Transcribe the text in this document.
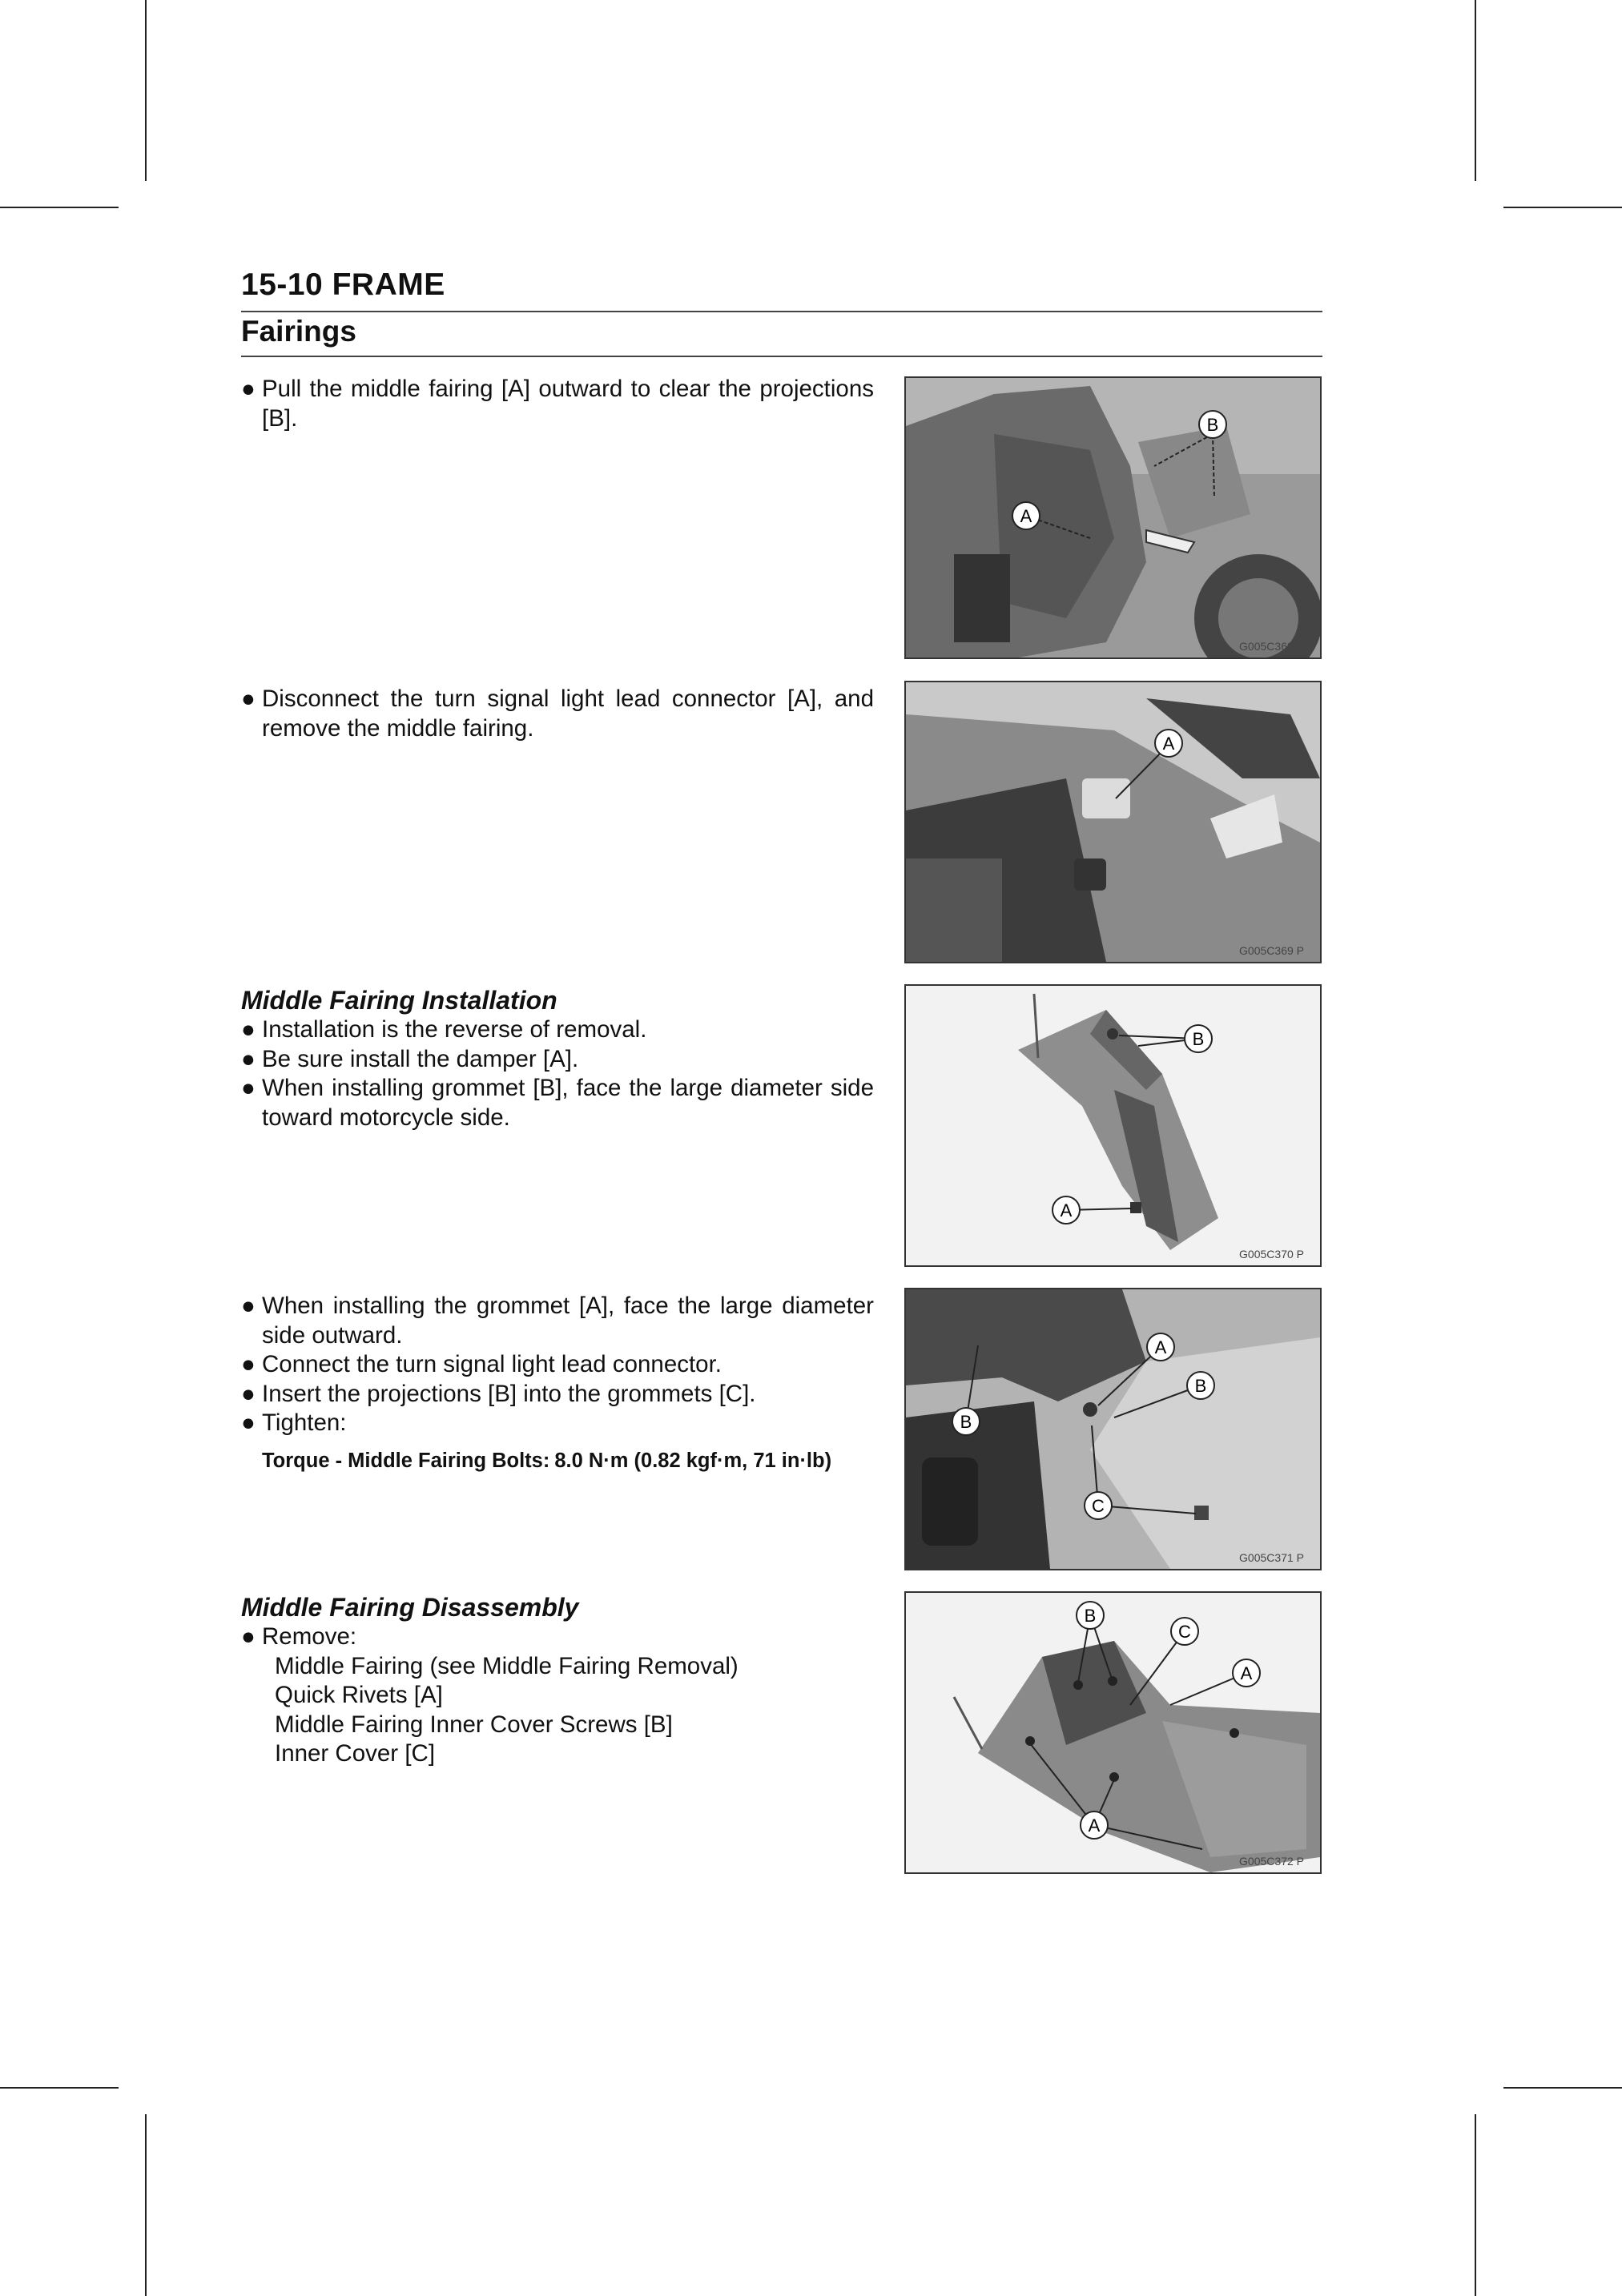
15-10 FRAME
Fairings
● Pull the middle fairing [A] outward to clear the projections [B].
A
B
G005C368 P
● Disconnect the turn signal light lead connector [A], and remove the middle fairing.
A
G005C369 P
Middle Fairing Installation
● Installation is the reverse of removal.
● Be sure install the damper [A].
● When installing grommet [B], face the large diameter side toward motorcycle side.
A
B
G005C370 P
● When installing the grommet [A], face the large diameter side outward.
● Connect the turn signal light lead connector.
● Insert the projections [B] into the grommets [C].
● Tighten:
Torque - Middle Fairing Bolts: 8.0 N·m (0.82 kgf·m, 71 in·lb)
A
B
B
C
G005C371 P
Middle Fairing Disassembly
● Remove:
Middle Fairing (see Middle Fairing Removal)
Quick Rivets [A]
Middle Fairing Inner Cover Screws [B]
Inner Cover [C]
B
C
A
A
G005C372 P
